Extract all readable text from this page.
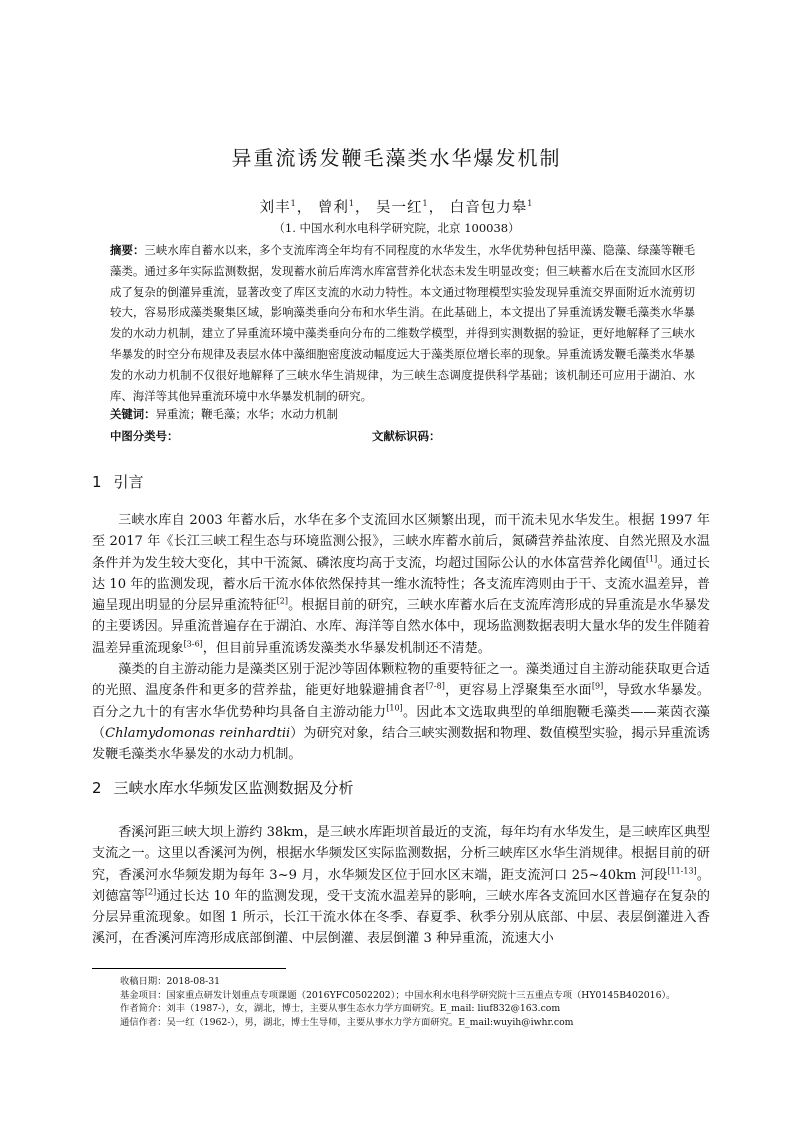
异重流诱发鞭毛藻类水华爆发机制
刘丰$^1$， 曾利$^1$， 吴一红$^1$， 白音包力皋$^1$
（1. 中国水利水电科学研究院，北京 100038）
摘要：三峡水库自蓄水以来，多个支流库湾全年均有不同程度的水华发生，水华优势种包括甲藻、隐藻、绿藻等鞭毛藻类。通过多年实际监测数据，发现蓄水前后库湾水库富营养化状态未发生明显改变；但三峡蓄水后在支流回水区形成了复杂的倒灌异重流，显著改变了库区支流的水动力特性。本文通过物理模型实验发现异重流交界面附近水流剪切较大，容易形成藻类聚集区域，影响藻类垂向分布和水华生消。在此基础上，本文提出了异重流诱发鞭毛藻类水华暴发的水动力机制，建立了异重流环境中藻类垂向分布的二维数学模型，并得到实测数据的验证，更好地解释了三峡水华暴发的时空分布规律及表层水体中藻细胞密度波动幅度远大于藻类原位增长率的现象。异重流诱发鞭毛藻类水华暴发的水动力机制不仅很好地解释了三峡水华生消规律，为三峡生态调度提供科学基础；该机制还可应用于湖泊、水库、海洋等其他异重流环境中水华暴发机制的研究。
关键词：异重流；鞭毛藻；水华；水动力机制
中图分类号：	文献标识码：
1 引言

三峡水库自 2003 年蓄水后，水华在多个支流回水区频繁出现，而干流未见水华发生。根据 1997 年至 2017 年《长江三峡工程生态与环境监测公报》，三峡水库蓄水前后，氮磷营养盐浓度、自然光照及水温条件并为发生较大变化，其中干流氮、磷浓度均高于支流，均超过国际公认的水体富营养化阈值[1]。通过长达 10 年的监测发现，蓄水后干流水体依然保持其一维水流特性；各支流库湾则由于干、支流水温差异，普遍呈现出明显的分层异重流特征[2]。根据目前的研究，三峡水库蓄水后在支流库湾形成的异重流是水华暴发的主要诱因。异重流普遍存在于湖泊、水库、海洋等自然水体中，现场监测数据表明大量水华的发生伴随着温差异重流现象[3-6]，但目前异重流诱发藻类水华暴发机制还不清楚。

藻类的自主游动能力是藻类区别于泥沙等固体颗粒物的重要特征之一。藻类通过自主游动能获取更合适的光照、温度条件和更多的营养盐，能更好地躲避捕食者[7-8]，更容易上浮聚集至水面[9]，导致水华暴发。百分之九十的有害水华优势种均具备自主游动能力[10]。因此本文选取典型的单细胞鞭毛藻类——莱茵衣藻（Chlamydomonas reinhardtii）为研究对象，结合三峡实测数据和物理、数值模型实验，揭示异重流诱发鞭毛藻类水华暴发的水动力机制。

2 三峡水库水华频发区监测数据及分析

香溪河距三峡大坝上游约 38km，是三峡水库距坝首最近的支流，每年均有水华发生，是三峡库区典型支流之一。这里以香溪河为例，根据水华频发区实际监测数据，分析三峡库区水华生消规律。根据目前的研究，香溪河水华频发期为每年 3~9 月，水华频发区位于回水区末端，距支流河口 25~40km 河段[11-13]。刘德富等[2]通过长达 10 年的监测发现，受干支流水温差异的影响，三峡水库各支流回水区普遍存在复杂的分层异重流现象。如图 1 所示，长江干流水体在冬季、春夏季、秋季分别从底部、中层、表层倒灌进入香溪河，在香溪河库湾形成底部倒灌、中层倒灌、表层倒灌 3 种异重流，流速大小

收稿日期：2018-08-31
基金项目：国家重点研发计划重点专项课题（2016YFC0502202）；中国水利水电科学研究院十三五重点专项（HY0145B402016）。
作者简介：刘丰（1987-），女，湖北，博士，主要从事生态水力学方面研究。E_mail: liuf832@163.com
通信作者：吴一红（1962-），男，湖北，博士生导师，主要从事水力学方面研究。E_mail:wuyih@iwhr.com
